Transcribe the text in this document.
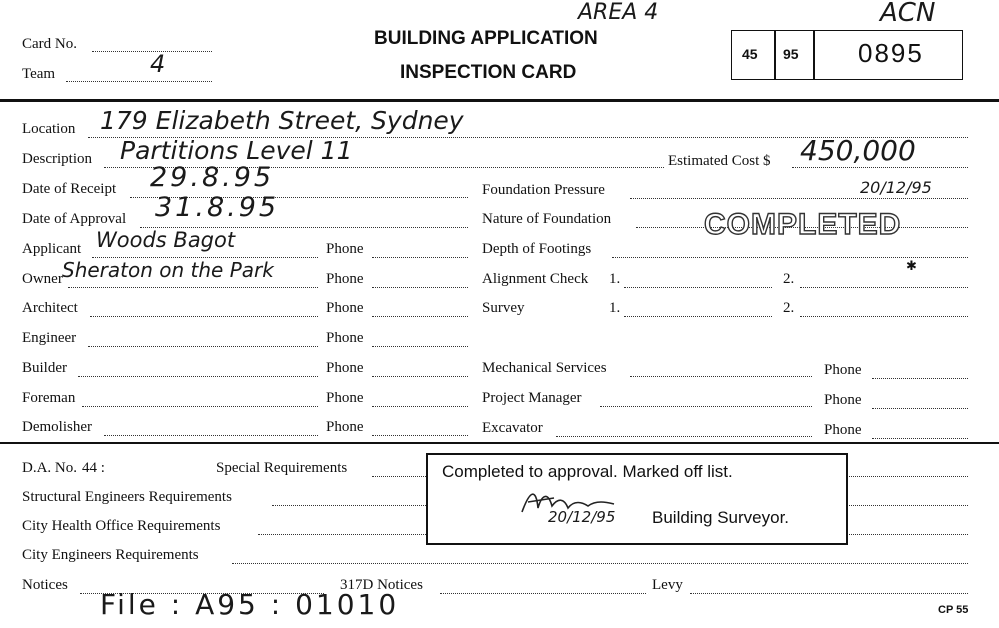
AREA 4	ACN
Card No.
Team	4
BUILDING APPLICATION
INSPECTION CARD
45 95 0895
Location 179 Elizabeth Street, Sydney
Description Partitions Level 11	Estimated Cost $ 450,000
Date of Receipt 29.8.95
Date of Approval 31.8.95
Applicant Woods Bagot	Phone
Owner Sheraton on the Park	Phone
Architect	Phone
Engineer	Phone
Builder	Phone
Foreman	Phone
Demolisher	Phone
Foundation Pressure	20/12/95
Nature of Foundation	COMPLETED
Depth of Footings
Alignment Check 1.	2.
✱
Survey	1.	2.
Mechanical Services	Phone
Project Manager	Phone
Excavator	Phone
D.A. No. 44 :	Special Requirements
Structural Engineers Requirements
City Health Office Requirements
City Engineers Requirements
Notices	317D Notices	Levy
Completed to approval. Marked off list.
20/12/95 Building Surveyor.
File : A95 : 01010	CP 55
